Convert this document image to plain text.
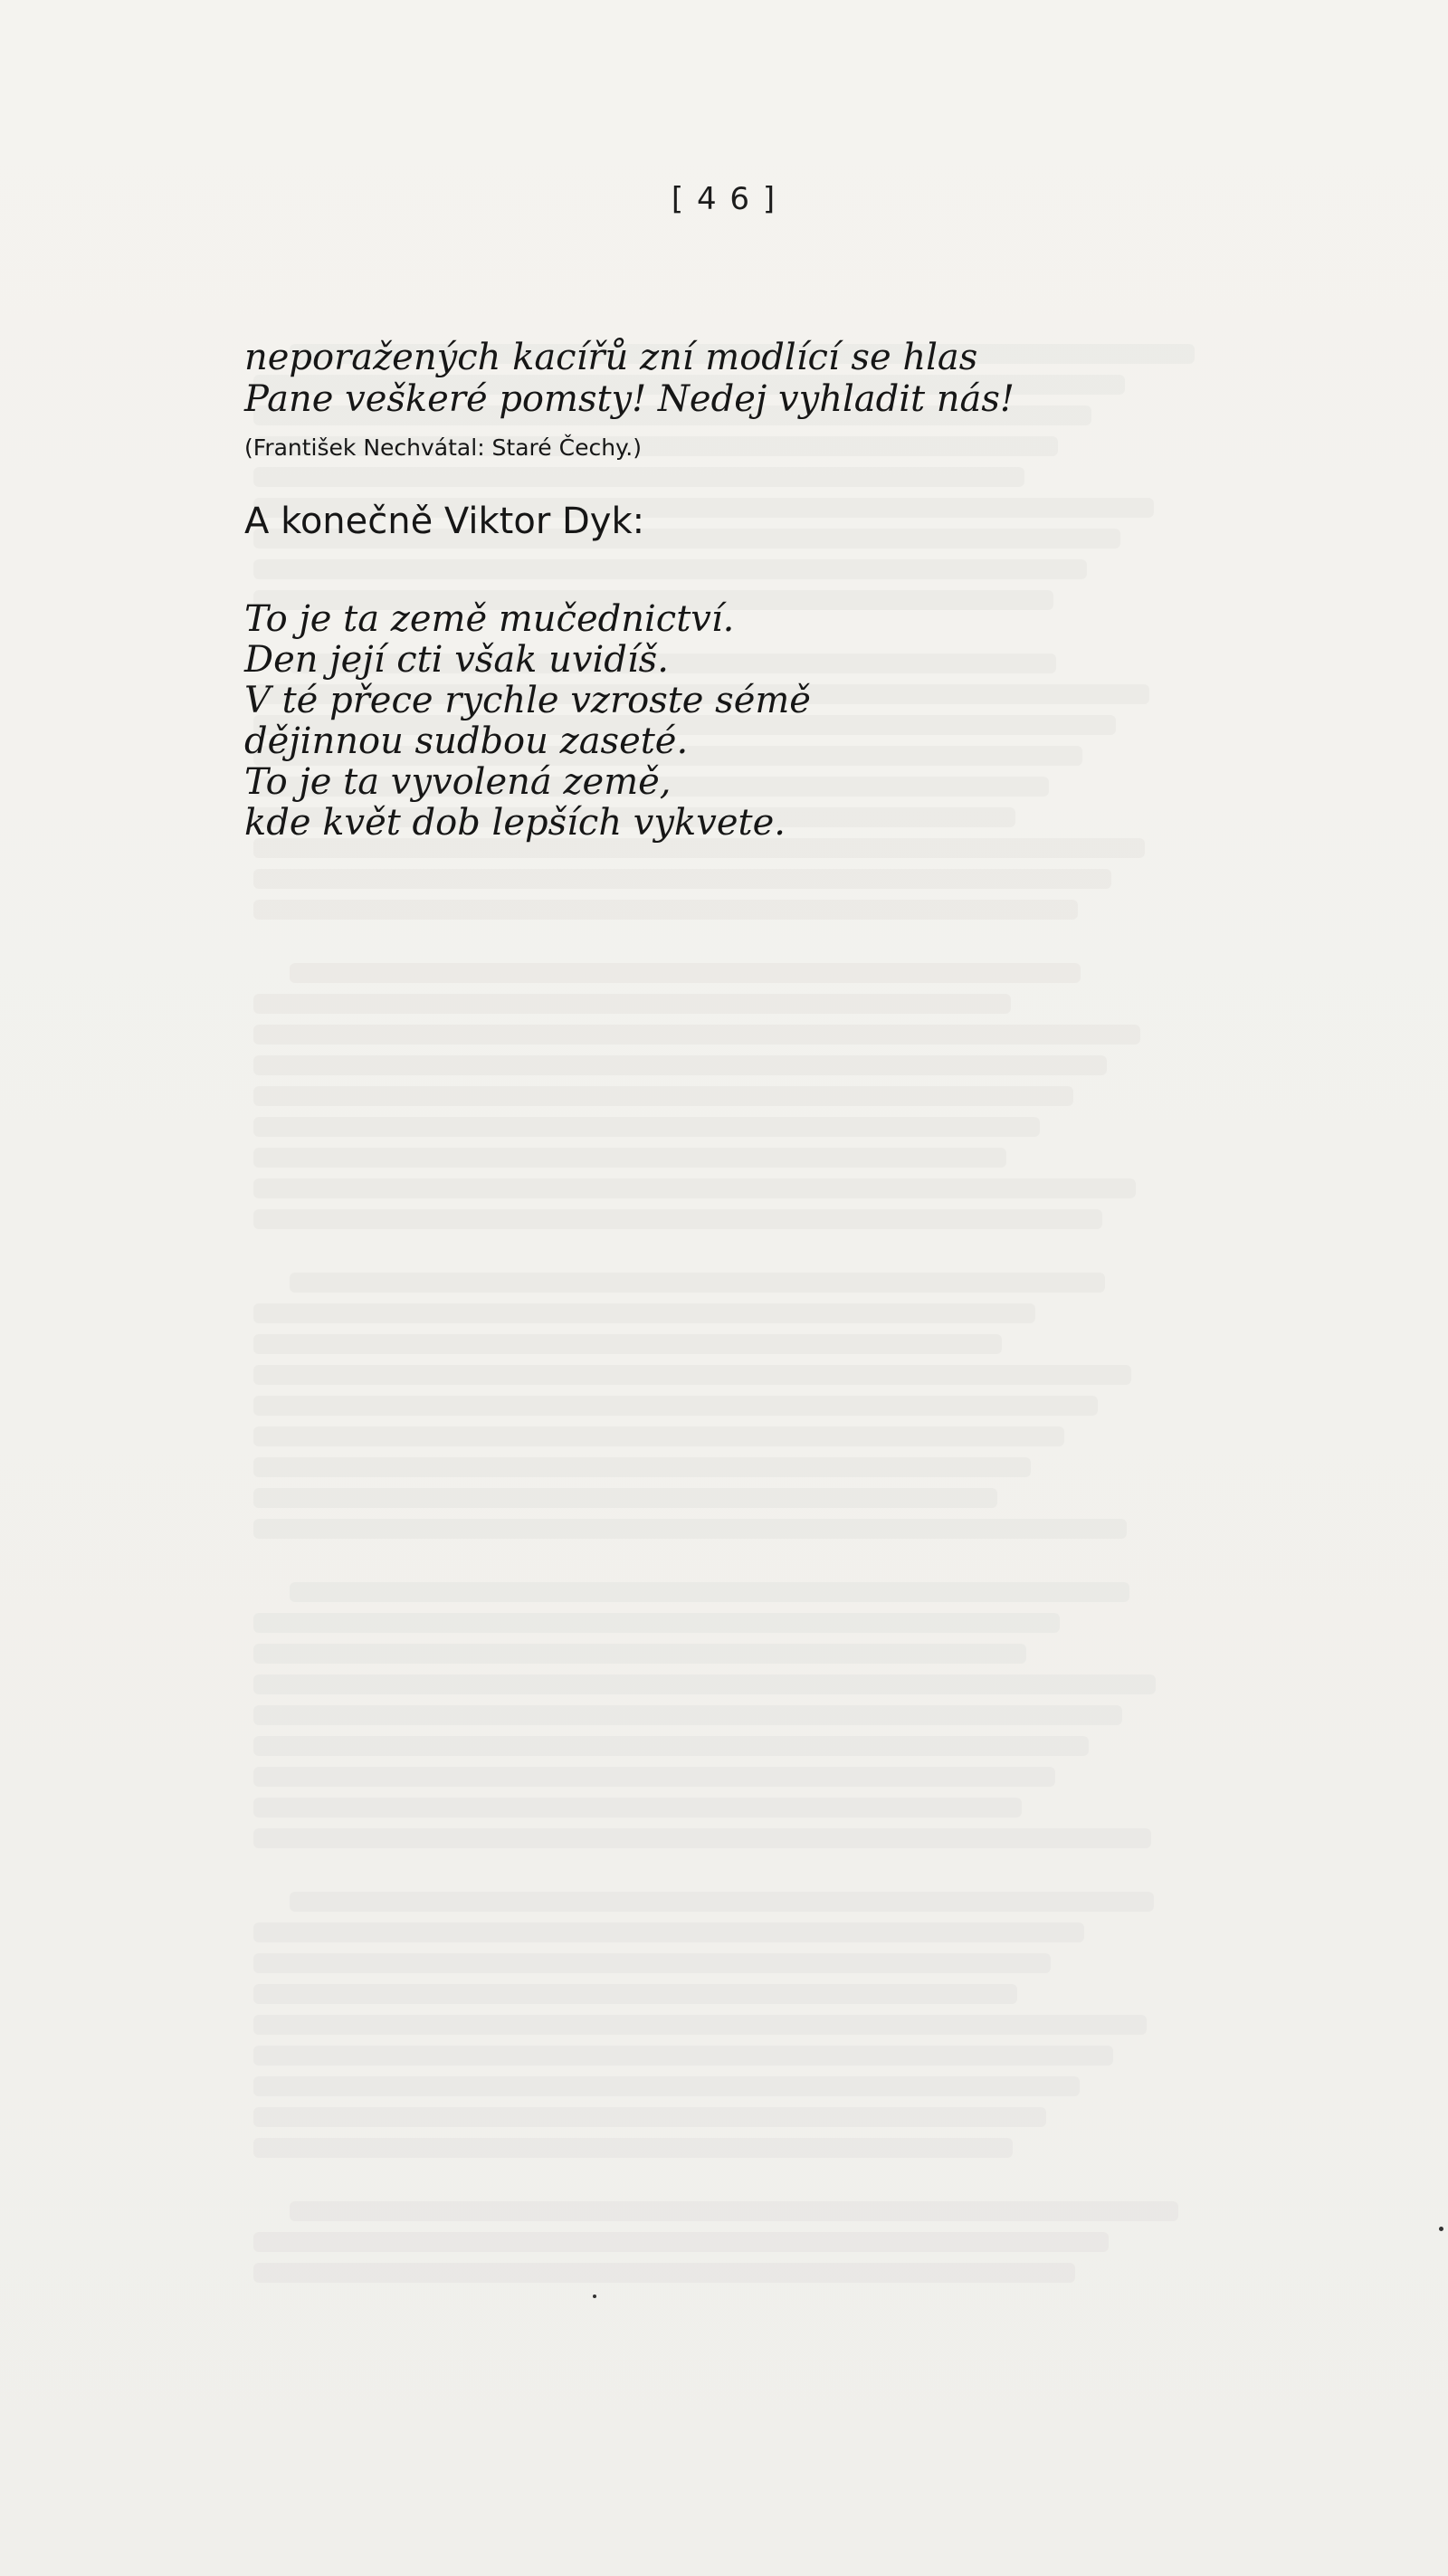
[ 4 6 ]
neporažených kacířů zní modlící se hlas
Pane veškeré pomsty! Nedej vyhladit nás!
(František Nechvátal: Staré Čechy.)
A konečně Viktor Dyk:
To je ta země mučednictví.
Den její cti však uvidíš.
V té přece rychle vzroste sémě
dějinnou sudbou zaseté.
To je ta vyvolená země,
kde květ dob lepších vykvete.
